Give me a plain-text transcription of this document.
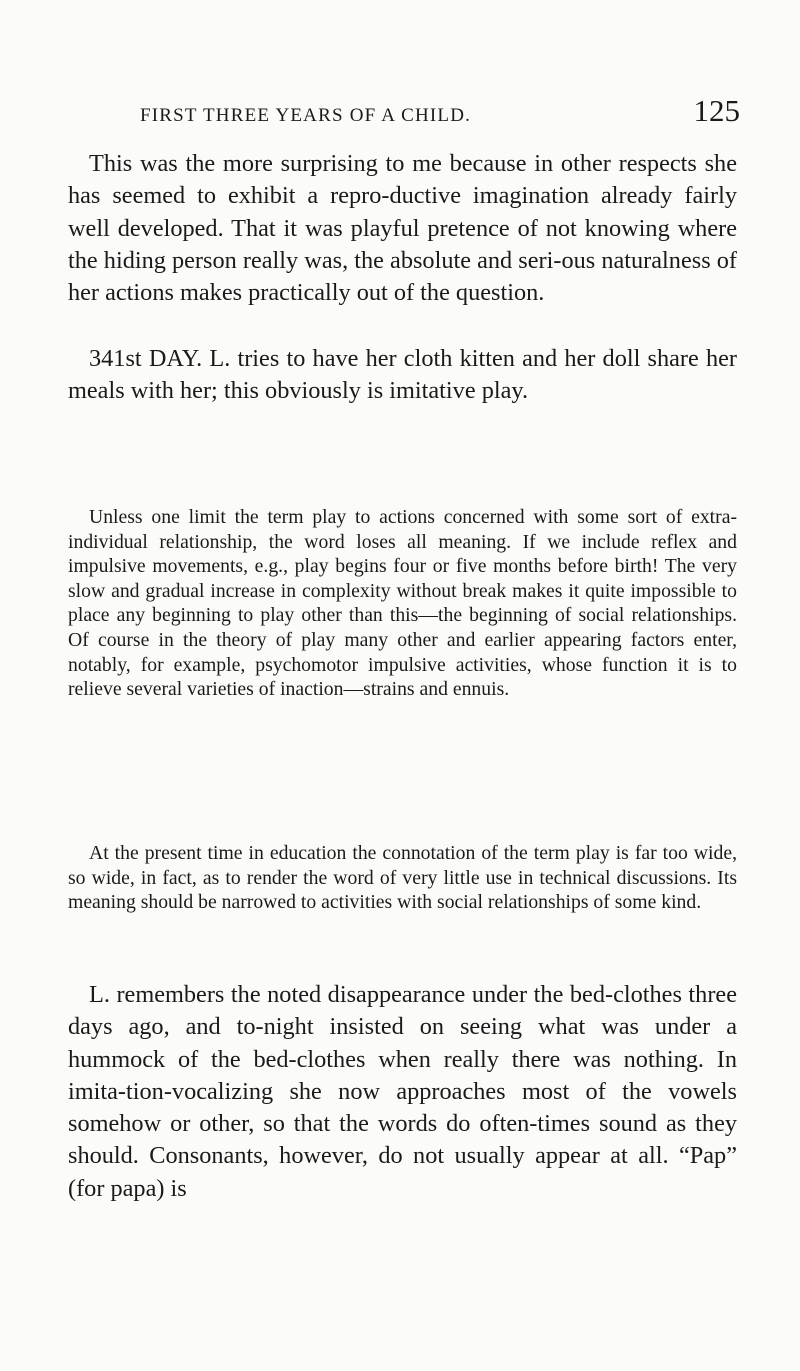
FIRST THREE YEARS OF A CHILD.	125

This was the more surprising to me because in other respects she has seemed to exhibit a repro-ductive imagination already fairly well developed. That it was playful pretence of not knowing where the hiding person really was, the absolute and seri-ous naturalness of her actions makes practically out of the question.

341st DAY. L. tries to have her cloth kitten and her doll share her meals with her; this obviously is imitative play.

Unless one limit the term play to actions concerned with some sort of extra-individual relationship, the word loses all meaning. If we include reflex and impulsive movements, e.g., play begins four or five months before birth! The very slow and gradual increase in complexity without break makes it quite impossible to place any beginning to play other than this—the beginning of social relationships. Of course in the theory of play many other and earlier appearing factors enter, notably, for example, psychomotor impulsive activities, whose function it is to relieve several varieties of inaction—strains and ennuis.

At the present time in education the connotation of the term play is far too wide, so wide, in fact, as to render the word of very little use in technical discussions. Its meaning should be narrowed to activities with social relationships of some kind.

L. remembers the noted disappearance under the bed-clothes three days ago, and to-night insisted on seeing what was under a hummock of the bed-clothes when really there was nothing. In imita-tion-vocalizing she now approaches most of the vowels somehow or other, so that the words do often-times sound as they should. Consonants, however, do not usually appear at all. “Pap” (for papa) is
